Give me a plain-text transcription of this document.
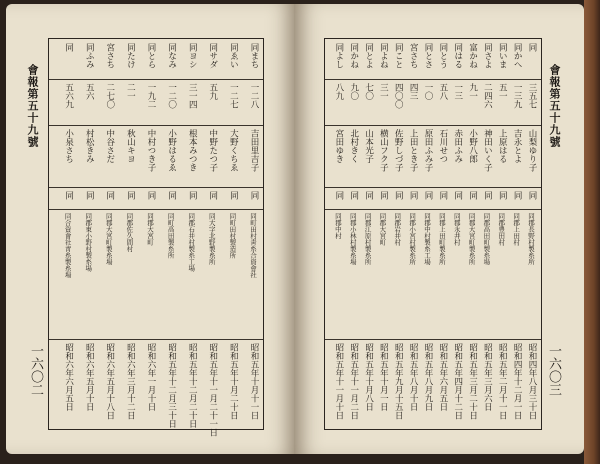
會報第五十九號
同まち
一二八
吉田里吉子
同
同町田村靑糸合資會社
昭和五年十月十一日
同ゑい
一二七
大野くちゑ
同
同町田村製造所
昭和五年十月二十日
同サダ
五九
中野たつ子
同
同大字北野製糸所
昭和五年十一月二十一日
同ヨシ
三一四
根本みつき
同
同郡石井村製糸工場
昭和五年十二月二十日
同なみ
一二〇
小野はるゑ
同
同町高田製糸所
昭和五年十二月三十日
同とら
一九二
中村つき子
同
同郡大宮町
昭和六年一月十日
同たけ
二一
秋山キヨ
同
同郡佐久間村
昭和六年三月十二日
宮さち
二七〇
中谷さだ
同
同郡大宮町製糸場
昭和六年五月十八日
同ふみ
五六
村松きみ
同
同郡東小野村製糸場
昭和六年五月十日
同
五六九
小泉さち
同
同合資會社靑糸製糸場
昭和六年六月五日
一六〇二
同
三五七
山梨ゆり子
同
同郡長野村製糸所
昭和四年八月三十日
同かへ
一三九
吉永とよ
同
同郡上田村
昭和四年十二月一日
同いま
五一
上原はる
同
同郡豊田村
昭和五年二月十一日
同さよ
二四六
神田いく子
同
同郡高田町製糸場
昭和五年三月六日
富かね
九一
小野八郎
同
同郡大宮町製糸所
昭和五年三月二十日
同はる
一三
赤田ふみ
同
同郡永井村
昭和五年四月十二日
同とう
五八
石川せつ
同
同郡上田町製糸所
昭和五年六月五日
同とさ
一〇
原田ふみ子
同
同郡中村製糸工場
昭和五年八月九日
宮さち
四三
上田とき子
同
同郡小宮村製糸所
昭和五年八月十日
同こと
四〇〇
佐野しづ子
同
同郡岩井村
昭和五年九月十五日
同よね
三一
横山フク子
同
同郡大宮町
昭和五年十月一日
同とよ
七〇
山本光子
同
同郡江原村製糸所
昭和五年十月八日
同かね
九〇
北村きく
同
同郡小林村製糸場
昭和五年十一月二日
同よし
八九
宮田ゆき
同
同郡中村
昭和五年十一月十日
會報第五十九號
一六〇三
